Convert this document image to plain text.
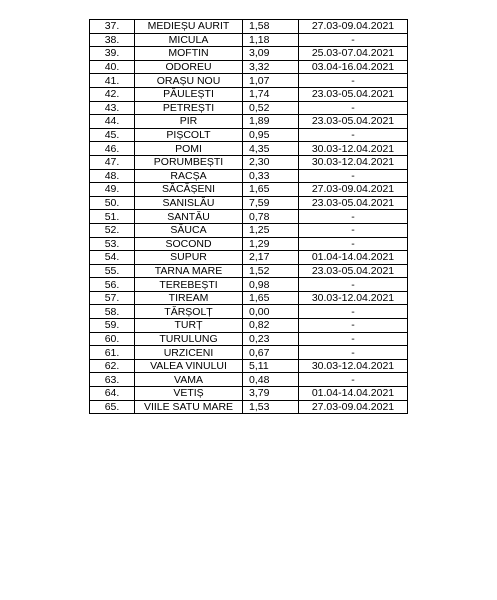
37.	MEDIEȘU AURIT	1,58	27.03-09.04.2021
38.	MICULA	1,18	-
39.	MOFTIN	3,09	25.03-07.04.2021
40.	ODOREU	3,32	03.04-16.04.2021
41.	ORAȘU NOU	1,07	-
42.	PĂULEȘTI	1,74	23.03-05.04.2021
43.	PETREȘTI	0,52	-
44.	PIR	1,89	23.03-05.04.2021
45.	PIȘCOLT	0,95	-
46.	POMI	4,35	30.03-12.04.2021
47.	PORUMBEȘTI	2,30	30.03-12.04.2021
48.	RACȘA	0,33	-
49.	SĂCĂȘENI	1,65	27.03-09.04.2021
50.	SANISLĂU	7,59	23.03-05.04.2021
51.	SANTĂU	0,78	-
52.	SĂUCA	1,25	-
53.	SOCOND	1,29	-
54.	SUPUR	2,17	01.04-14.04.2021
55.	TARNA MARE	1,52	23.03-05.04.2021
56.	TEREBEȘTI	0,98	-
57.	TIREAM	1,65	30.03-12.04.2021
58.	TĂRȘOLȚ	0,00	-
59.	TURȚ	0,82	-
60.	TURULUNG	0,23	-
61.	URZICENI	0,67	-
62.	VALEA VINULUI	5,11	30.03-12.04.2021
63.	VAMA	0,48	-
64.	VETIȘ	3,79	01.04-14.04.2021
65.	VIILE SATU MARE	1,53	27.03-09.04.2021
